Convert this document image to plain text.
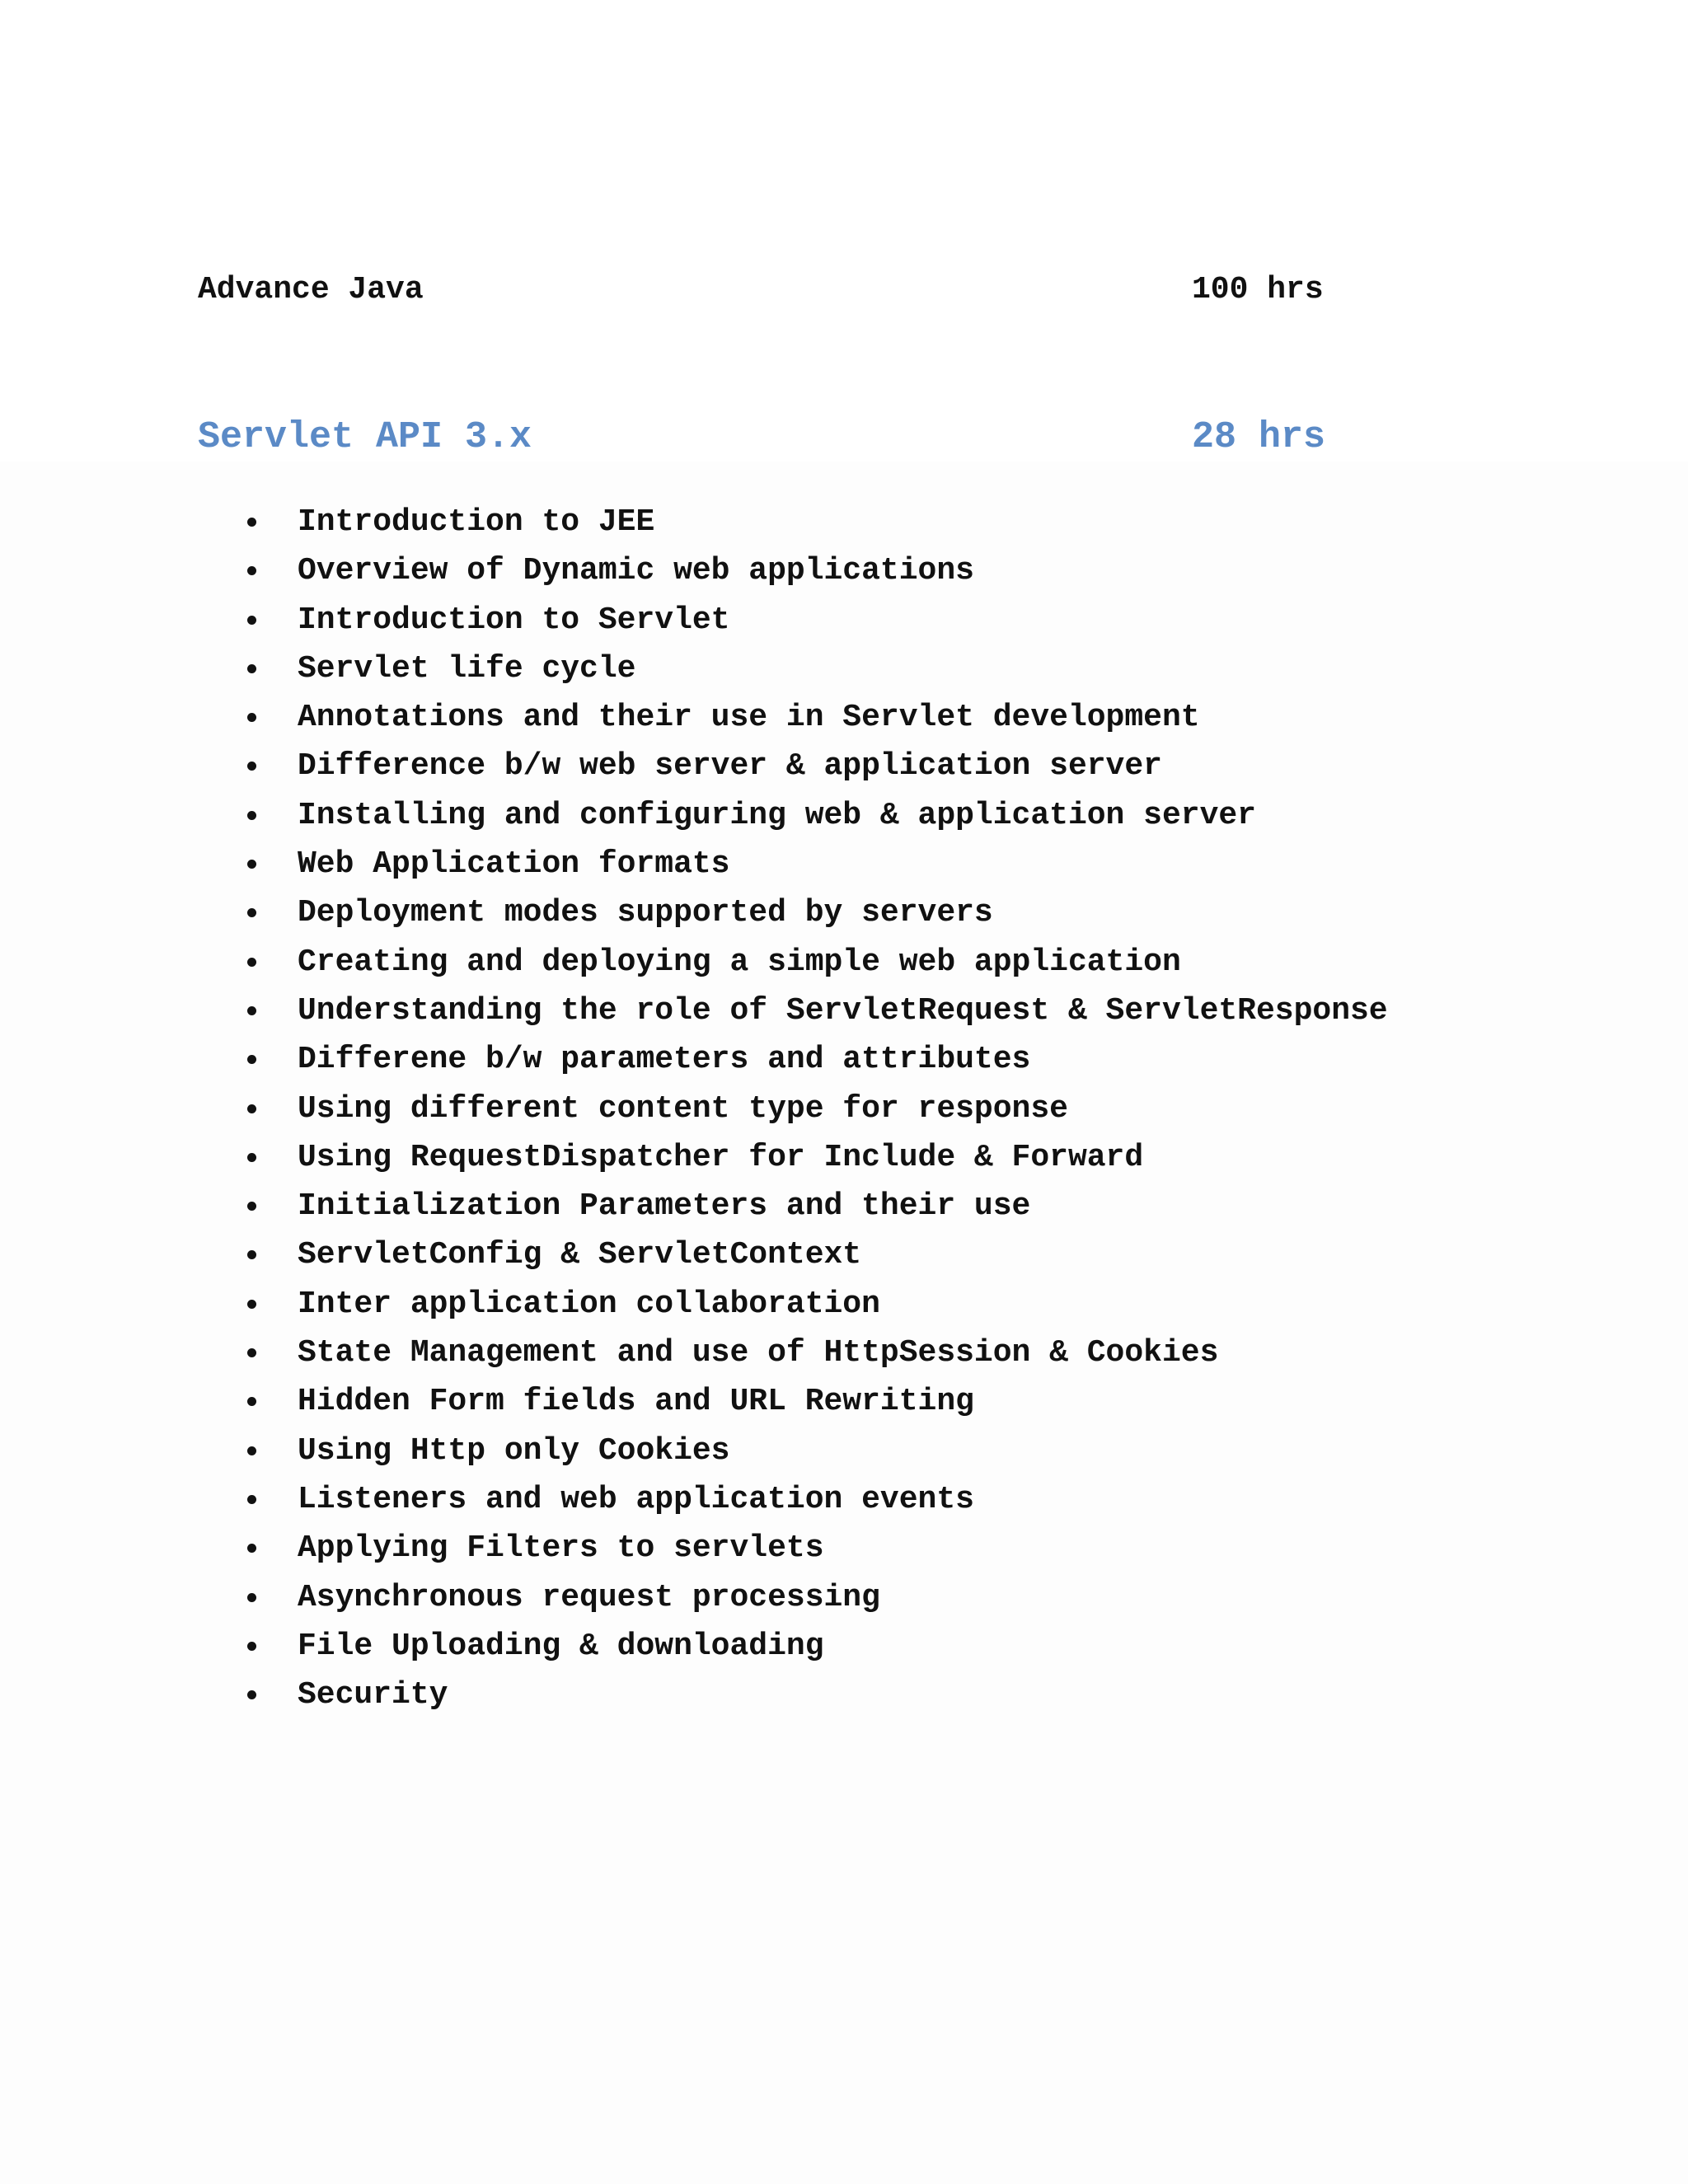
Advance Java	100 hrs
Servlet API 3.x	28 hrs
Introduction to JEE
Overview of Dynamic web applications
Introduction to Servlet
Servlet life cycle
Annotations and their use in Servlet development
Difference b/w web server & application server
Installing and configuring web & application server
Web Application formats
Deployment modes supported by servers
Creating and deploying a simple web application
Understanding the role of ServletRequest & ServletResponse
Differene b/w parameters and attributes
Using different content type for response
Using RequestDispatcher for Include & Forward
Initialization Parameters and their use
ServletConfig & ServletContext
Inter application collaboration
State Management and use of HttpSession & Cookies
Hidden Form fields and URL Rewriting
Using Http only Cookies
Listeners and web application events
Applying Filters to servlets
Asynchronous request processing
File Uploading & downloading
Security
